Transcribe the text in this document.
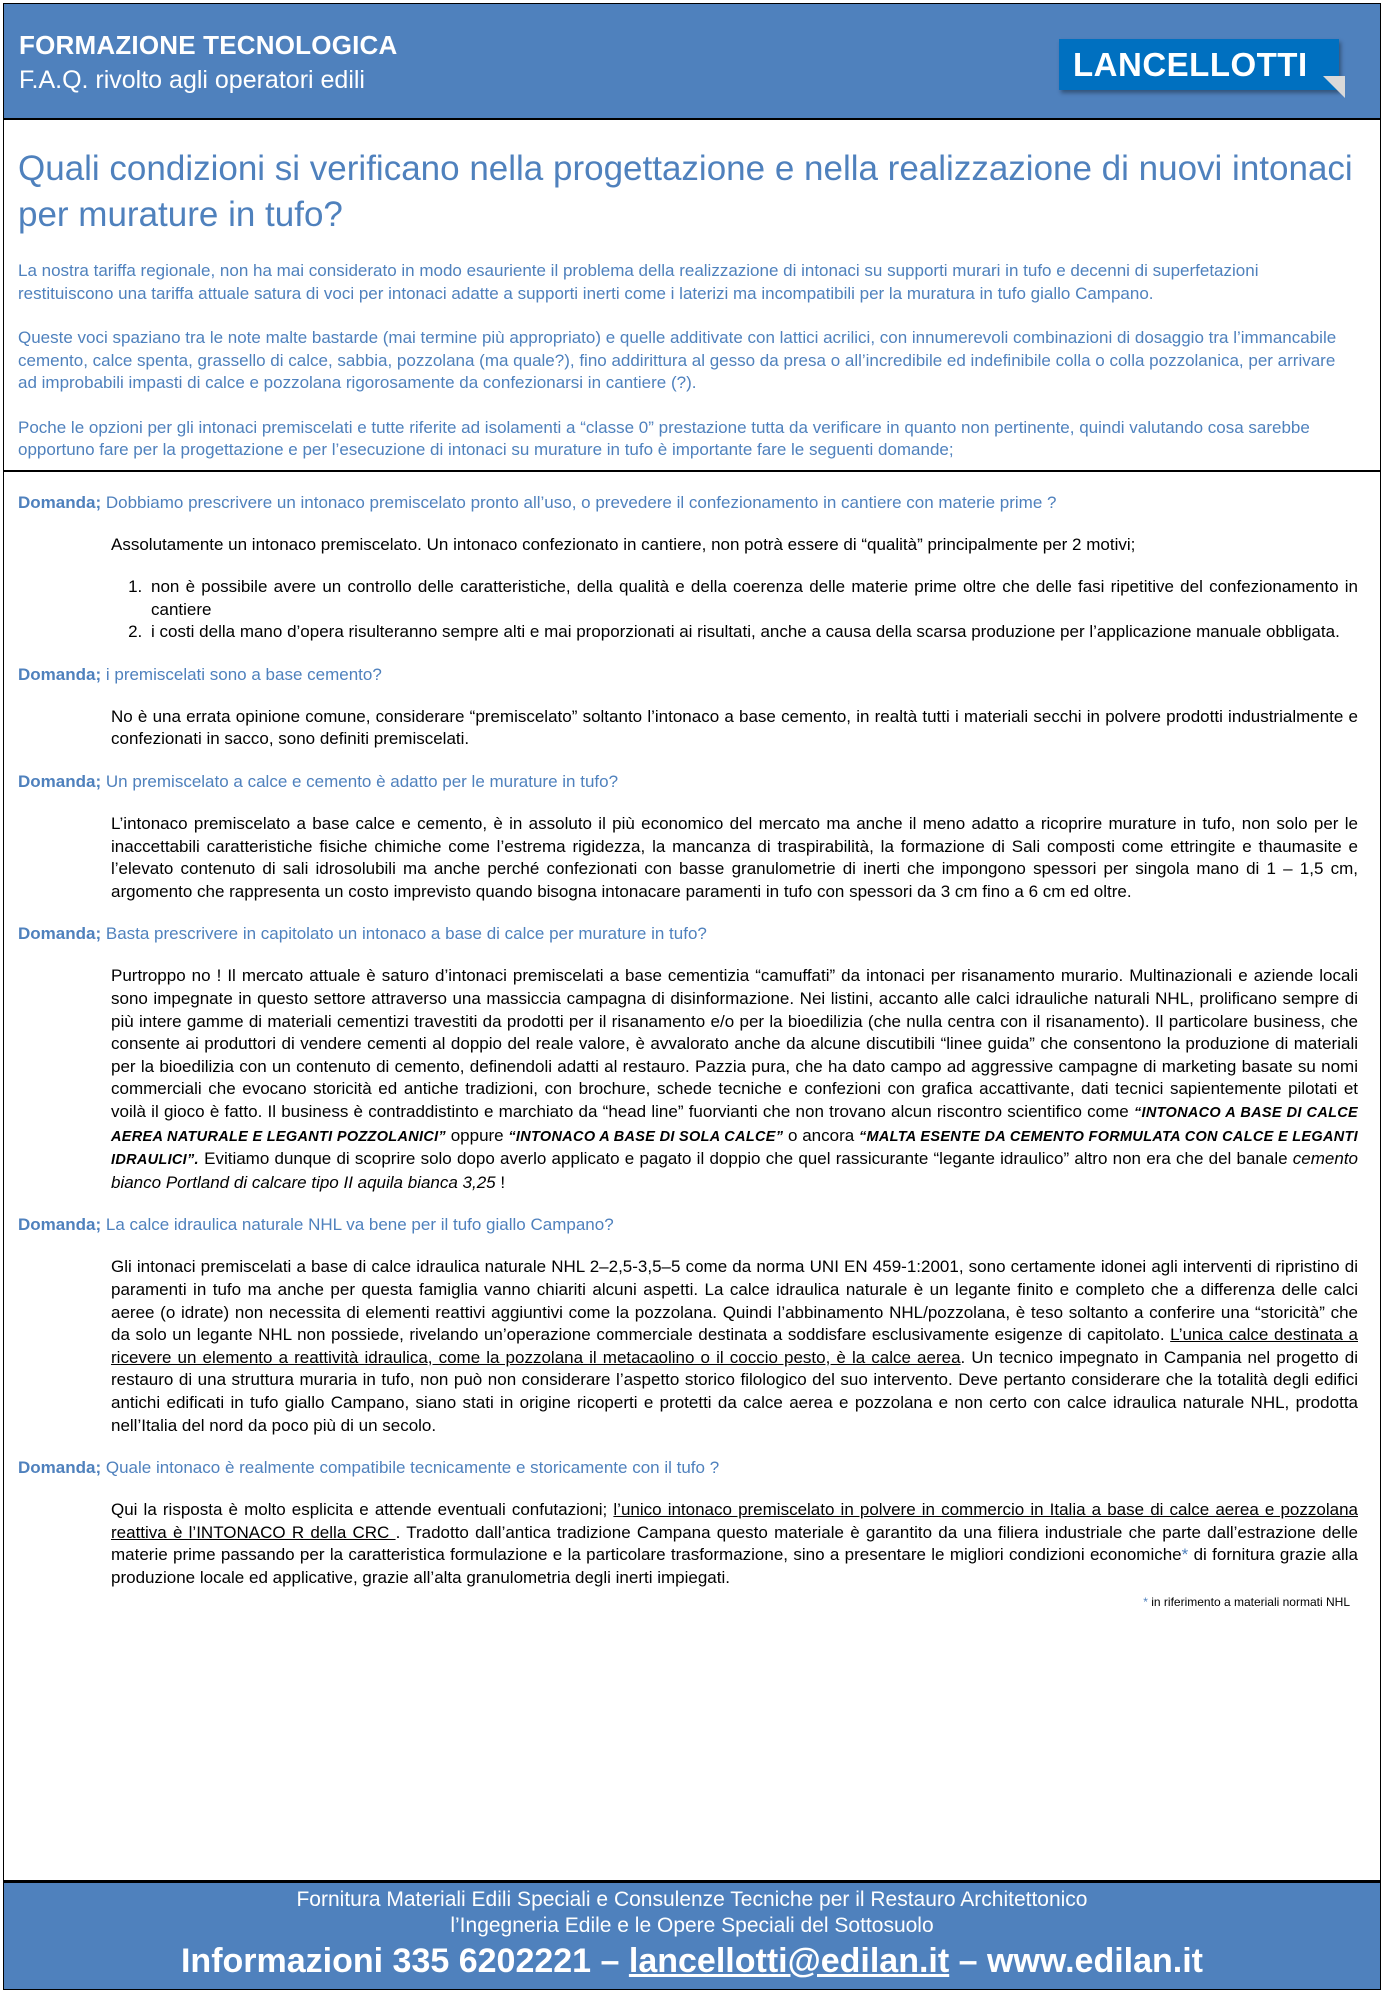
FORMAZIONE TECNOLOGICA
F.A.Q. rivolto agli operatori edili	LANCELLOTTI
Quali condizioni si verificano nella progettazione e nella realizzazione di nuovi intonaci per murature in tufo?

La nostra tariffa regionale, non ha mai considerato in modo esauriente il problema della realizzazione di intonaci su supporti murari in tufo e decenni di superfetazioni restituiscono una tariffa attuale satura di voci per intonaci adatte a supporti inerti come i laterizi ma incompatibili per la muratura in tufo giallo Campano.

Queste voci spaziano tra le note malte bastarde (mai termine più appropriato) e quelle additivate con lattici acrilici, con innumerevoli combinazioni di dosaggio tra l’immancabile cemento, calce spenta, grassello di calce, sabbia, pozzolana (ma quale?), fino addirittura al gesso da presa o all’incredibile ed indefinibile colla o colla pozzolanica, per arrivare ad improbabili impasti di calce e pozzolana rigorosamente da confezionarsi in cantiere (?).

Poche le opzioni per gli intonaci premiscelati e tutte riferite ad isolamenti a “classe 0” prestazione tutta da verificare in quanto non pertinente, quindi valutando cosa sarebbe opportuno fare per la progettazione e per l’esecuzione di intonaci su murature in tufo è importante fare le seguenti domande;

Domanda; Dobbiamo prescrivere un intonaco premiscelato pronto all’uso, o prevedere il confezionamento in cantiere con materie prime ?
Assolutamente un intonaco premiscelato. Un intonaco confezionato in cantiere, non potrà essere di “qualità” principalmente per 2 motivi;
1. non è possibile avere un controllo delle caratteristiche, della qualità e della coerenza delle materie prime oltre che delle fasi ripetitive del confezionamento in cantiere
2. i costi della mano d’opera risulteranno sempre alti e mai proporzionati ai risultati, anche a causa della scarsa produzione per l’applicazione manuale obbligata.
Domanda; i premiscelati sono a base cemento?
No è una errata opinione comune, considerare “premiscelato” soltanto l’intonaco a base cemento, in realtà tutti i materiali secchi in polvere prodotti industrialmente e confezionati in sacco, sono definiti premiscelati.
Domanda; Un premiscelato a calce e cemento è adatto per le murature in tufo?
L’intonaco premiscelato a base calce e cemento, è in assoluto il più economico del mercato ma anche il meno adatto a ricoprire murature in tufo, non solo per le inaccettabili caratteristiche fisiche chimiche come l’estrema rigidezza, la mancanza di traspirabilità, la formazione di Sali composti come ettringite e thaumasite e l’elevato contenuto di sali idrosolubili ma anche perché confezionati con basse granulometrie di inerti che impongono spessori per singola mano di 1 – 1,5 cm, argomento che rappresenta un costo imprevisto quando bisogna intonacare paramenti in tufo con spessori da 3 cm fino a 6 cm ed oltre.
Domanda; Basta prescrivere in capitolato un intonaco a base di calce per murature in tufo?
Purtroppo no ! Il mercato attuale è saturo d’intonaci premiscelati a base cementizia “camuffati” da intonaci per risanamento murario. Multinazionali e aziende locali sono impegnate in questo settore attraverso una massiccia campagna di disinformazione. Nei listini, accanto alle calci idrauliche naturali NHL, prolificano sempre di più intere gamme di materiali cementizi travestiti da prodotti per il risanamento e/o per la bioedilizia (che nulla centra con il risanamento). Il particolare business, che consente ai produttori di vendere cementi al doppio del reale valore, è avvalorato anche da alcune discutibili “linee guida” che consentono la produzione di materiali per la bioedilizia con un contenuto di cemento, definendoli adatti al restauro. Pazzia pura, che ha dato campo ad aggressive campagne di marketing basate su nomi commerciali che evocano storicità ed antiche tradizioni, con brochure, schede tecniche e confezioni con grafica accattivante, dati tecnici sapientemente pilotati et voilà il gioco è fatto. Il business è contraddistinto e marchiato da “head line” fuorvianti che non trovano alcun riscontro scientifico come “INTONACO A BASE DI CALCE AEREA NATURALE E LEGANTI POZZOLANICI” oppure “INTONACO A BASE DI SOLA CALCE” o ancora “MALTA ESENTE DA CEMENTO FORMULATA CON CALCE E LEGANTI IDRAULICI”. Evitiamo dunque di scoprire solo dopo averlo applicato e pagato il doppio che quel rassicurante “legante idraulico” altro non era che del banale cemento bianco Portland di calcare tipo II aquila bianca 3,25 !
Domanda; La calce idraulica naturale NHL va bene per il tufo giallo Campano?
Gli intonaci premiscelati a base di calce idraulica naturale NHL 2–2,5-3,5–5 come da norma UNI EN 459-1:2001, sono certamente idonei agli interventi di ripristino di paramenti in tufo ma anche per questa famiglia vanno chiariti alcuni aspetti. La calce idraulica naturale è un legante finito e completo che a differenza delle calci aeree (o idrate) non necessita di elementi reattivi aggiuntivi come la pozzolana. Quindi l’abbinamento NHL/pozzolana, è teso soltanto a conferire una “storicità” che da solo un legante NHL non possiede, rivelando un’operazione commerciale destinata a soddisfare esclusivamente esigenze di capitolato. L’unica calce destinata a ricevere un elemento a reattività idraulica, come la pozzolana il metacaolino o il coccio pesto, è la calce aerea. Un tecnico impegnato in Campania nel progetto di restauro di una struttura muraria in tufo, non può non considerare l’aspetto storico filologico del suo intervento. Deve pertanto considerare che la totalità degli edifici antichi edificati in tufo giallo Campano, siano stati in origine ricoperti e protetti da calce aerea e pozzolana e non certo con calce idraulica naturale NHL, prodotta nell’Italia del nord da poco più di un secolo.
Domanda; Quale intonaco è realmente compatibile tecnicamente e storicamente con il tufo ?
Qui la risposta è molto esplicita e attende eventuali confutazioni; l’unico intonaco premiscelato in polvere in commercio in Italia a base di calce aerea e pozzolana reattiva è l’INTONACO R della CRC . Tradotto dall’antica tradizione Campana questo materiale è garantito da una filiera industriale che parte dall’estrazione delle materie prime passando per la caratteristica formulazione e la particolare trasformazione, sino a presentare le migliori condizioni economiche* di fornitura grazie alla produzione locale ed applicative, grazie all’alta granulometria degli inerti impiegati.
* in riferimento a materiali normati NHL
Fornitura Materiali Edili Speciali e Consulenze Tecniche per il Restauro Architettonico
l’Ingegneria Edile e le Opere Speciali del Sottosuolo
Informazioni 335 6202221 – lancellotti@edilan.it – www.edilan.it
